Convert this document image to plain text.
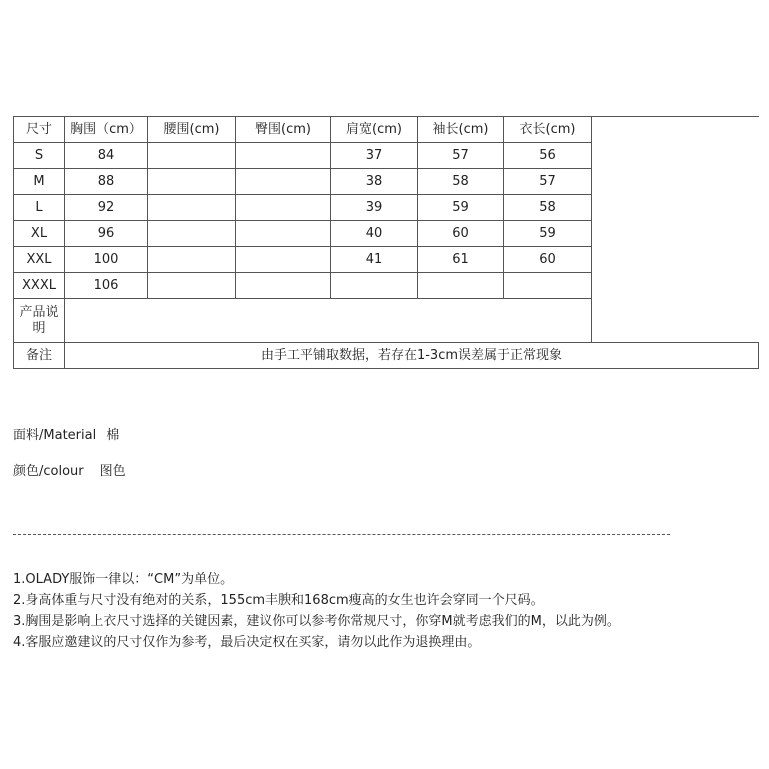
尺寸	胸围（cm）	腰围(cm)	臀围(cm)	肩宽(cm)	袖长(cm)	衣长(cm)	
S	84			37	57	56	
M	88			38	58	57	
L	92			39	59	58	
XL	96			40	60	59	
XXL	100			41	61	60	
XXXL	106						
产品说明							
备注	由手工平铺取数据，若存在1-3cm误差属于正常现象						
面料/Material 棉
颜色/colour 图色
1.OLADY服饰一律以：“CM”为单位。
2.身高体重与尺寸没有绝对的关系，155cm丰腴和168cm瘦高的女生也许会穿同一个尺码。
3.胸围是影响上衣尺寸选择的关键因素，建议你可以参考你常规尺寸，你穿M就考虑我们的M，以此为例。
4.客服应邀建议的尺寸仅作为参考，最后决定权在买家，请勿以此作为退换理由。
